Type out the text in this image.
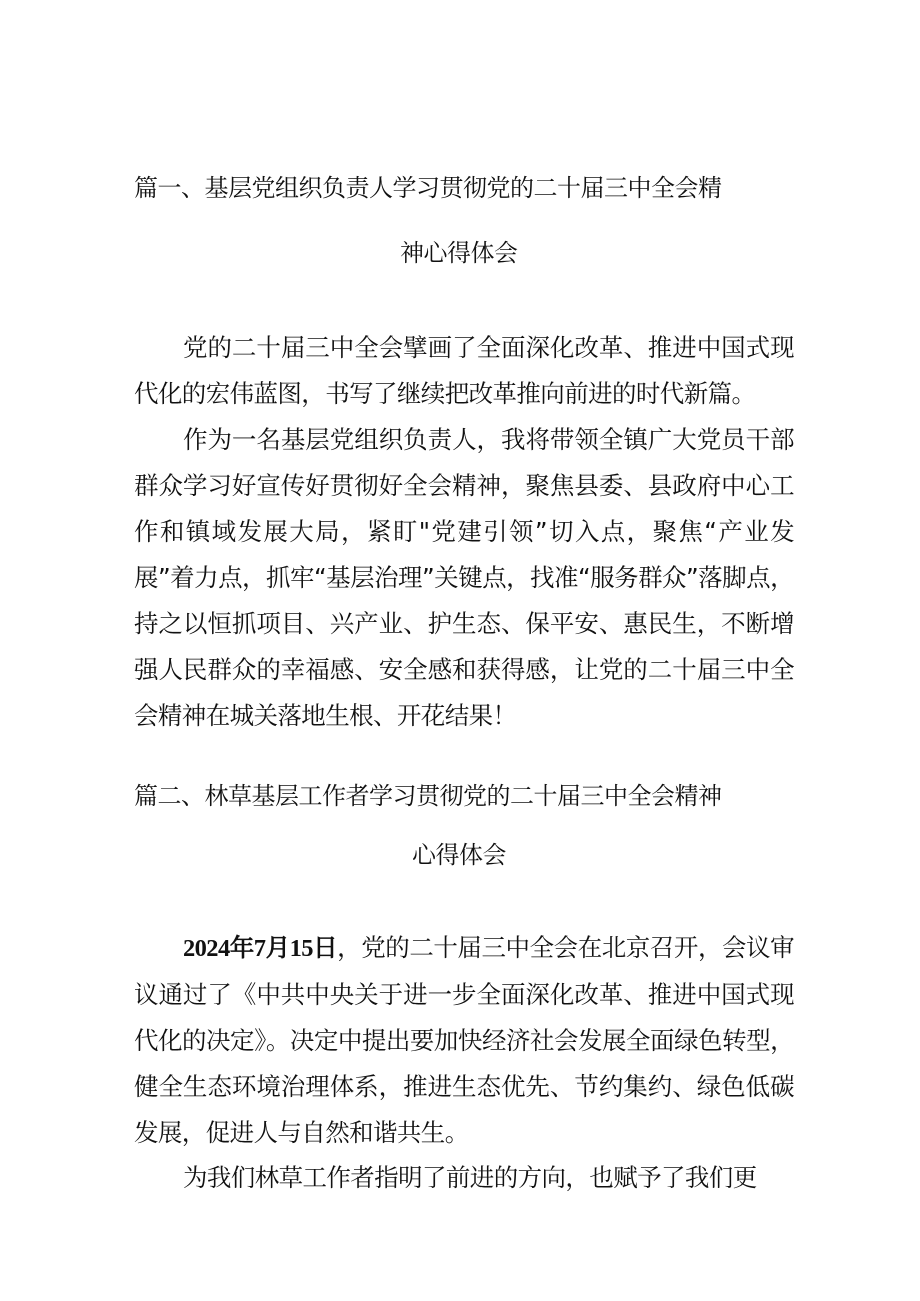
篇一、基层党组织负责人学习贯彻党的二十届三中全会精
神心得体会

党的二十届三中全会擘画了全面深化改革、推进中国式现代化的宏伟蓝图，书写了继续把改革推向前进的时代新篇。

作为一名基层党组织负责人，我将带领全镇广大党员干部群众学习好宣传好贯彻好全会精神，聚焦县委、县政府中心工作和镇域发展大局，紧盯"党建引领”切入点，聚焦“产业发展”着力点，抓牢“基层治理”关键点，找准“服务群众”落脚点，持之以恒抓项目、兴产业、护生态、保平安、惠民生，不断增强人民群众的幸福感、安全感和获得感，让党的二十届三中全会精神在城关落地生根、开花结果！

篇二、林草基层工作者学习贯彻党的二十届三中全会精神
心得体会

2024年7月15日，党的二十届三中全会在北京召开，会议审议通过了《中共中央关于进一步全面深化改革、推进中国式现代化的决定》。决定中提出要加快经济社会发展全面绿色转型，健全生态环境治理体系，推进生态优先、节约集约、绿色低碳发展，促进人与自然和谐共生。

为我们林草工作者指明了前进的方向，也赋予了我们更
